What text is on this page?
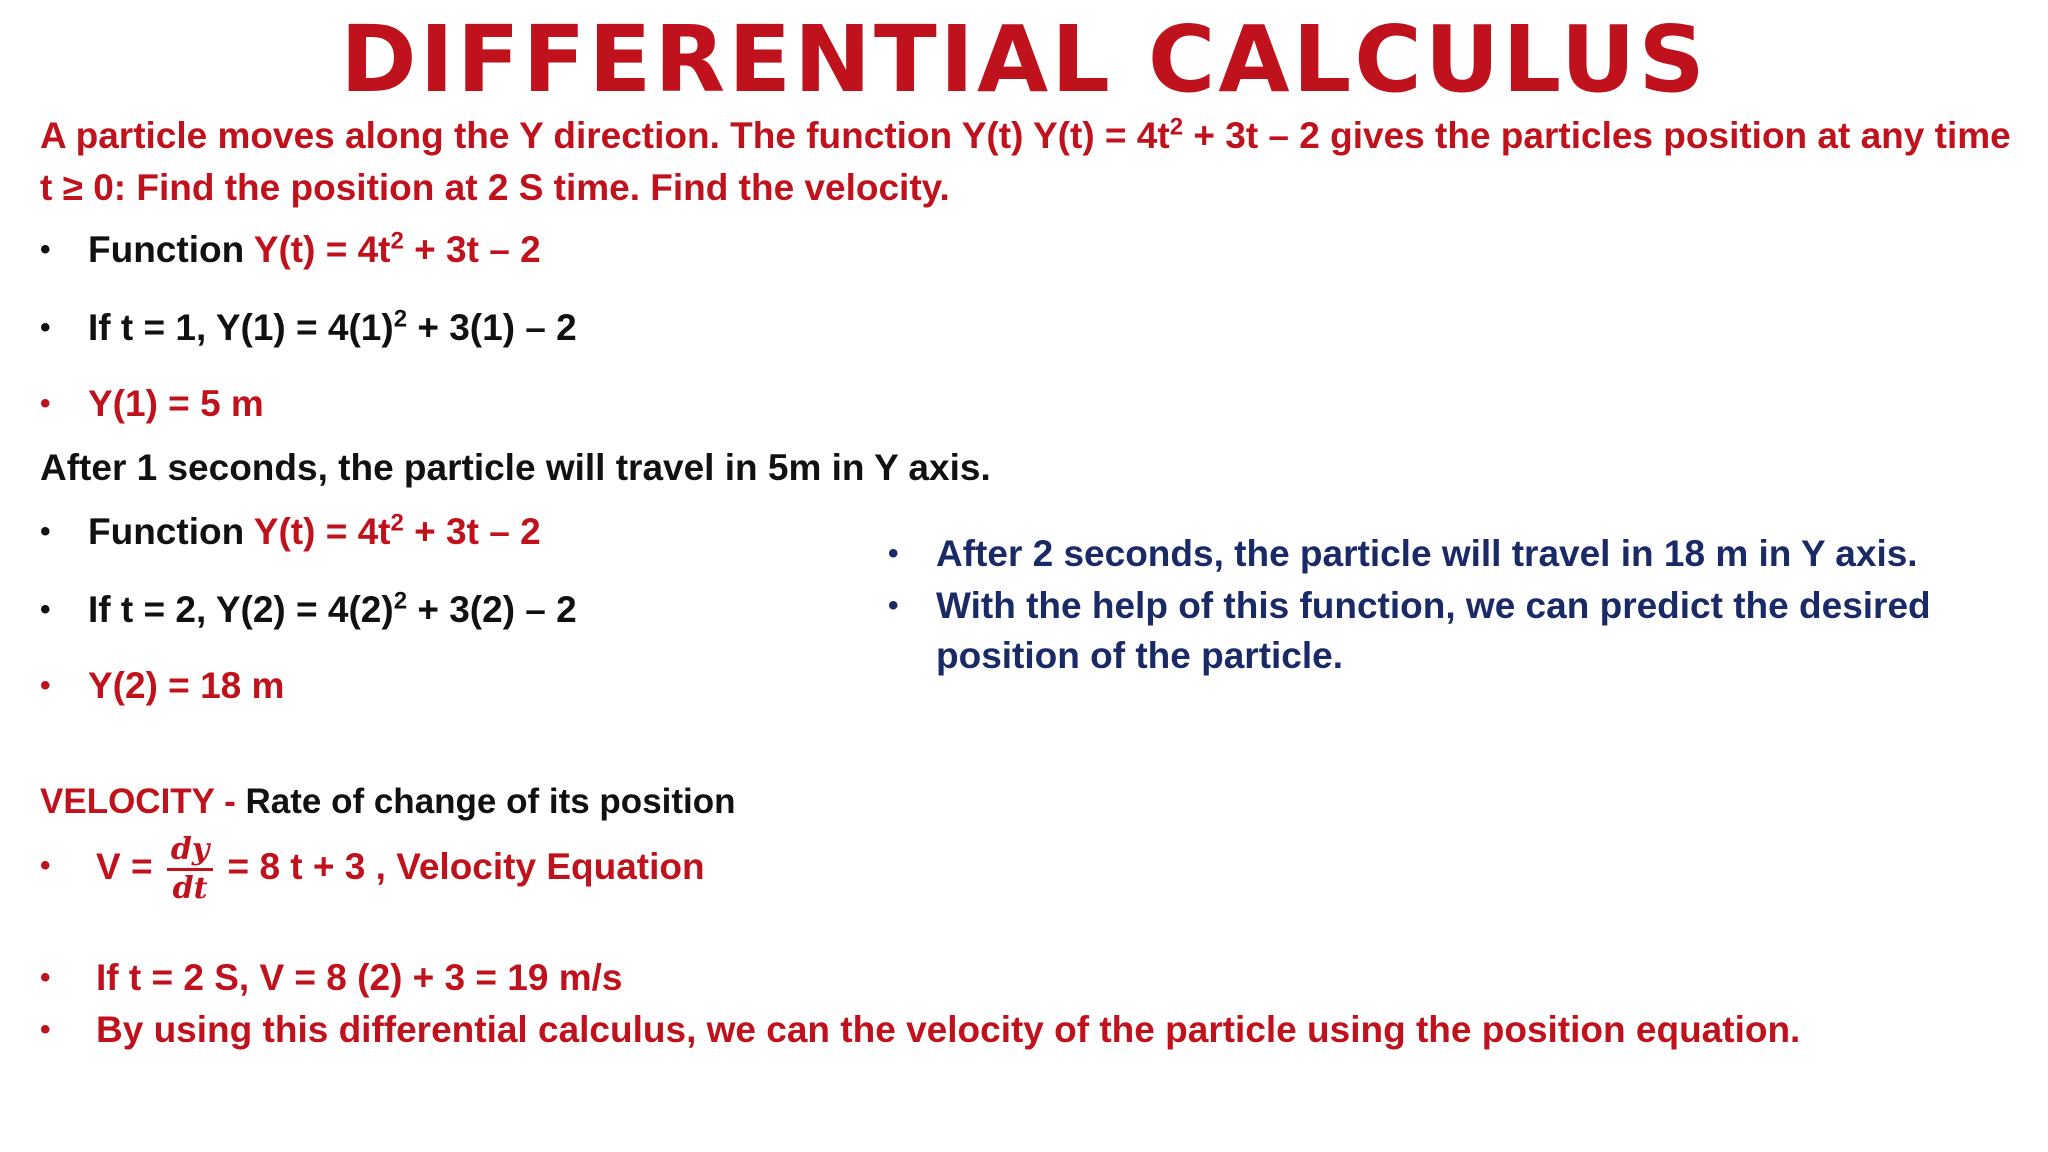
DIFFERENTIAL CALCULUS
A particle moves along the Y direction. The function Y(t) $Y(t) = 4t^2 + 3t - 2$ gives the particles position at any time
t ≥ 0: Find the position at 2 S time. Find the velocity.
• Function $Y(t) = 4t^2 + 3t - 2$
• If t = 1, $Y(1) = 4(1)^2 + 3(1) - 2$
• Y(1) = 5 m
After 1 seconds, the particle will travel in 5m in Y axis.
• Function $Y(t) = 4t^2 + 3t - 2$
• If t = 2, $Y(2) = 4(2)^2 + 3(2) - 2$
• Y(2) = 18 m
• After 2 seconds, the particle will travel in 18 m in Y axis.
• With the help of this function, we can predict the desired
position of the particle.
VELOCITY - Rate of change of its position
• $V = \frac{dy}{dt} = 8$ t + 3 , Velocity Equation
• If t = 2 S, V = 8 (2) + 3 = 19 m/s
• By using this differential calculus, we can the velocity of the particle using the position equation.
